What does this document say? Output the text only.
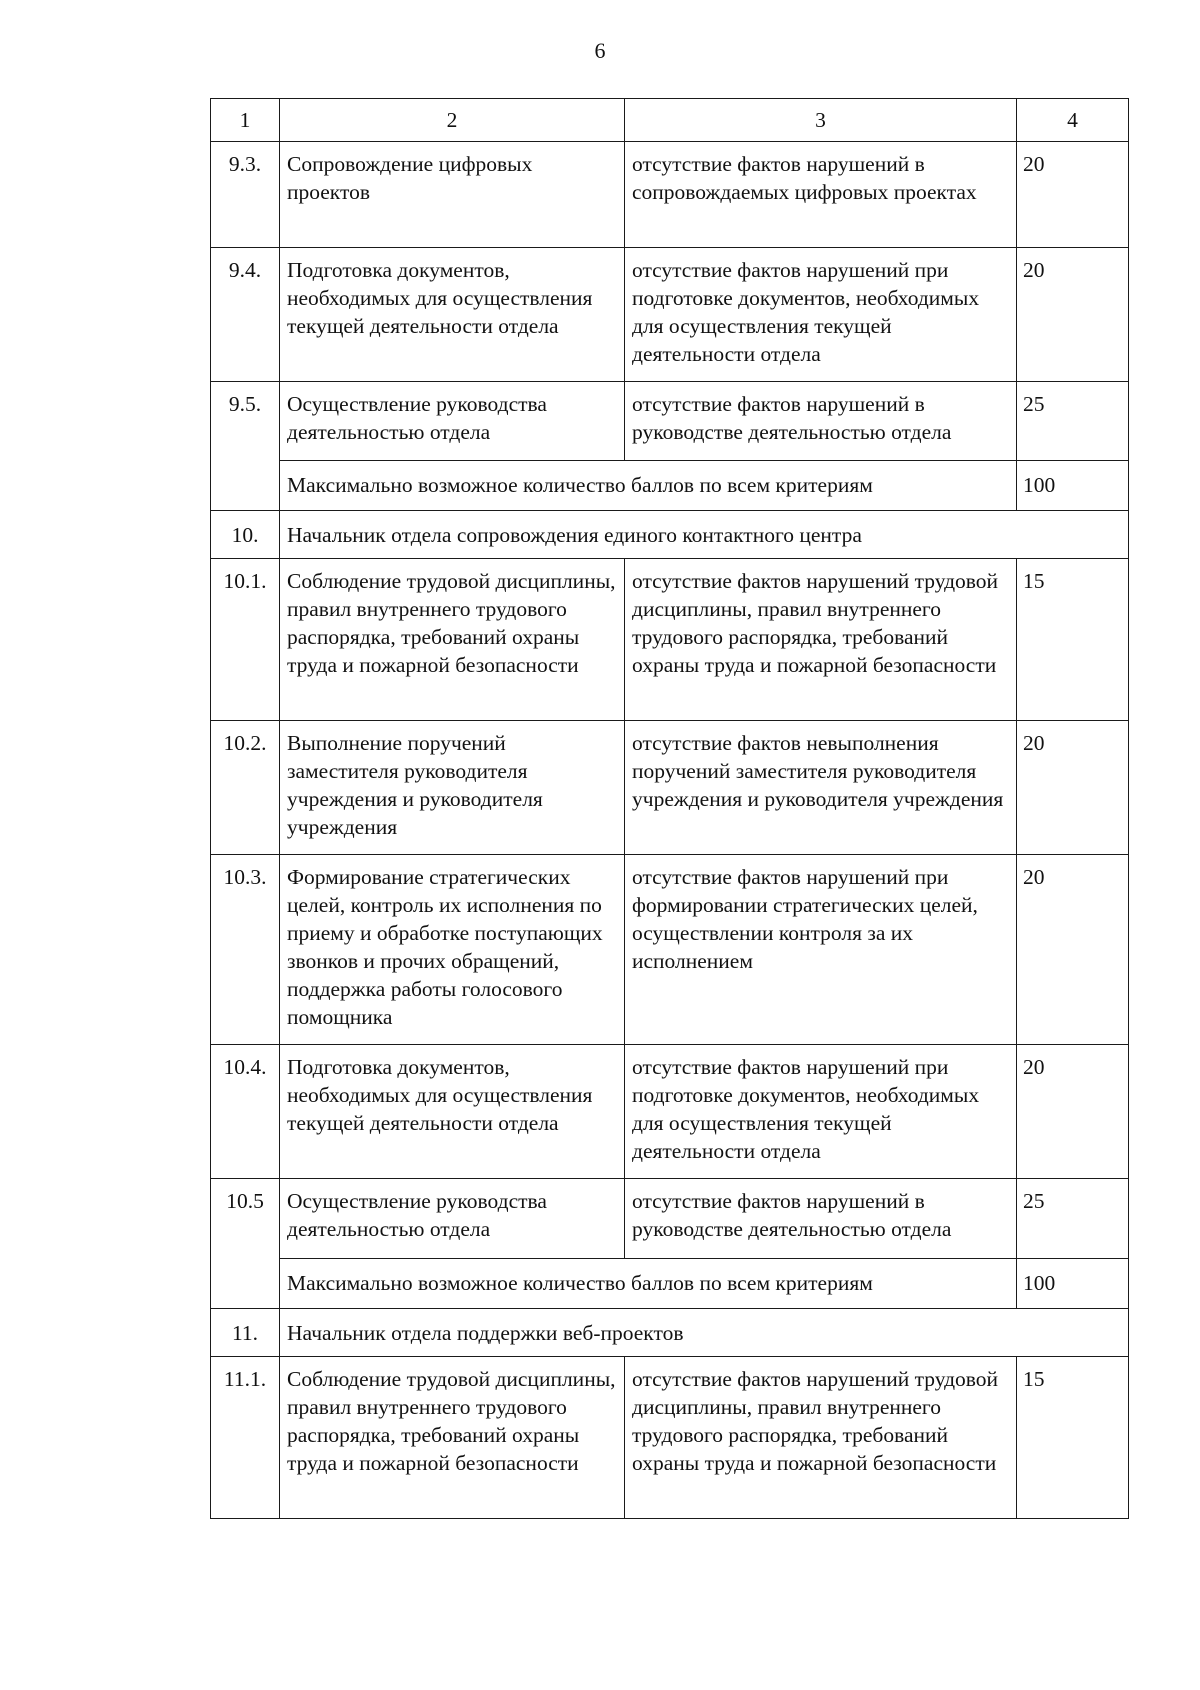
6
1	2	3	4
9.3.	Сопровождение цифровых проектов	отсутствие фактов нарушений в сопровождаемых цифровых проектах	20
9.4.	Подготовка документов, необходимых для осуществления текущей деятельности отдела	отсутствие фактов нарушений при подготовке документов, необходимых для осуществления текущей деятельности отдела	20
9.5.	Осуществление руководства деятельностью отдела	отсутствие фактов нарушений в руководстве деятельностью отдела	25
	Максимально возможное количество баллов по всем критериям		100
10.	Начальник отдела сопровождения единого контактного центра		
10.1.	Соблюдение трудовой дисциплины, правил внутреннего трудового распорядка, требований охраны труда и пожарной безопасности	отсутствие фактов нарушений трудовой дисциплины, правил внутреннего трудового распорядка, требований охраны труда и пожарной безопасности	15
10.2.	Выполнение поручений заместителя руководителя учреждения и руководителя учреждения	отсутствие фактов невыполнения поручений заместителя руководителя учреждения и руководителя учреждения	20
10.3.	Формирование стратегических целей, контроль их исполнения по приему и обработке поступающих звонков и прочих обращений, поддержка работы голосового помощника	отсутствие фактов нарушений при формировании стратегических целей, осуществлении контроля за их исполнением	20
10.4.	Подготовка документов, необходимых для осуществления текущей деятельности отдела	отсутствие фактов нарушений при подготовке документов, необходимых для осуществления текущей деятельности отдела	20
10.5	Осуществление руководства деятельностью отдела	отсутствие фактов нарушений в руководстве деятельностью отдела	25
	Максимально возможное количество баллов по всем критериям		100
11.	Начальник отдела поддержки веб-проектов		
11.1.	Соблюдение трудовой дисциплины, правил внутреннего трудового распорядка, требований охраны труда и пожарной безопасности	отсутствие фактов нарушений трудовой дисциплины, правил внутреннего трудового распорядка, требований охраны труда и пожарной безопасности	15
